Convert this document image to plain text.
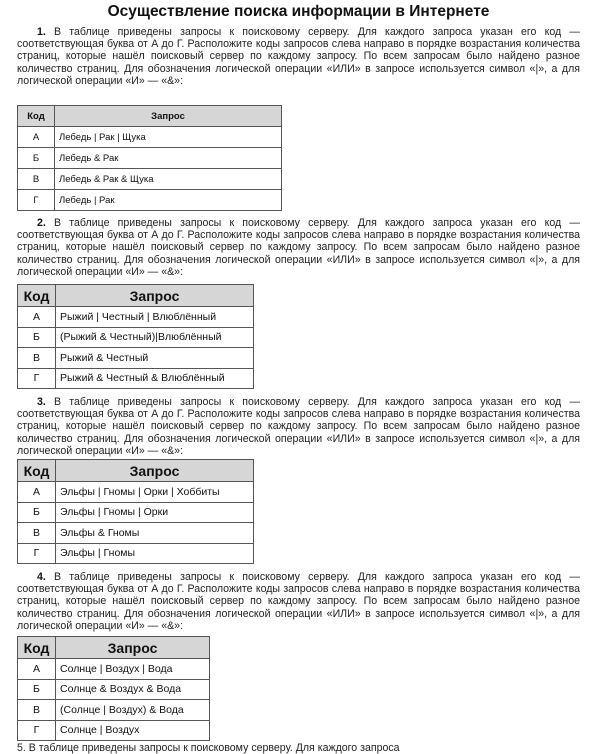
Осуществление поиска информации в Интернете

1. В таблице приведены запросы к поисковому серверу. Для каждого запроса указан его код — соответствующая буква от А до Г. Расположите коды запросов слева направо в порядке возрастания количества страниц, которые нашёл поисковый сервер по каждому запросу. По всем запросам было найдено разное количество страниц. Для обозначения логической операции «ИЛИ» в запросе используется символ «|», а для логической операции «И» — «&»:

Код	Запрос
А	Лебедь | Рак | Щука
Б	Лебедь & Рак
В	Лебедь & Рак & Щука
Г	Лебедь | Рак

2. В таблице приведены запросы к поисковому серверу. Для каждого запроса указан его код — соответствующая буква от А до Г. Расположите коды запросов слева направо в порядке возрастания количества страниц, которые нашёл поисковый сервер по каждому запросу. По всем запросам было найдено разное количество страниц. Для обозначения логической операции «ИЛИ» в запросе используется символ «|», а для логической операции «И» — «&»:

Код	Запрос
А	Рыжий | Честный | Влюблённый
Б	(Рыжий & Честный)|Влюблённый
В	Рыжий & Честный
Г	Рыжий & Честный & Влюблённый

3. В таблице приведены запросы к поисковому серверу. Для каждого запроса указан его код — соответствующая буква от А до Г. Расположите коды запросов слева направо в порядке возрастания количества страниц, которые нашёл поисковый сервер по каждому запросу. По всем запросам было найдено разное количество страниц. Для обозначения логической операции «ИЛИ» в запросе используется символ «|», а для логической операции «И» — «&»:

Код	Запрос
А	Эльфы | Гномы | Орки | Хоббиты
Б	Эльфы | Гномы | Орки
В	Эльфы & Гномы
Г	Эльфы | Гномы

4. В таблице приведены запросы к поисковому серверу. Для каждого запроса указан его код — соответствующая буква от А до Г. Расположите коды запросов слева направо в порядке возрастания количества страниц, которые нашёл поисковый сервер по каждому запросу. По всем запросам было найдено разное количество страниц. Для обозначения логической операции «ИЛИ» в запросе используется символ «|», а для логической операции «И» — «&»:

Код	Запрос
А	Солнце | Воздух | Вода
Б	Солнце & Воздух & Вода
В	(Солнце | Воздух) & Вода
Г	Солнце | Воздух
5. В таблице приведены запросы к поисковому серверу. Для каждого запроса
